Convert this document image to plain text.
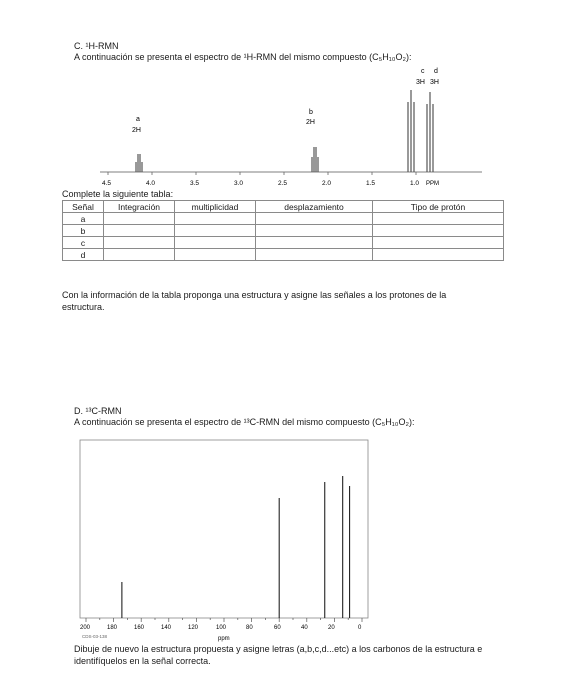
C. ¹H-RMN
A continuación se presenta el espectro de ¹H-RMN del mismo compuesto (C₅H₁₀O₂):
a
2H
b
2H
c d
3H 3H
4.5	4.0	3.5	3.0	2.5	2.0	1.5	1.0 PPM
Complete la siguiente tabla:
Señal	Integración	multiplicidad	desplazamiento	Tipo de protón
a				
b				
c				
d				
Con la información de la tabla proponga una estructura y asigne las señales a los protones de la estructura.
D. ¹³C-RMN
A continuación se presenta el espectro de ¹³C-RMN del mismo compuesto (C₅H₁₀O₂):
200	180	160	140	120	100	80	60	40	20	0
CDS-03-138	ppm
Dibuje de nuevo la estructura propuesta y asigne letras (a,b,c,d...etc) a los carbonos de la estructura e identifíquelos en la señal correcta.
